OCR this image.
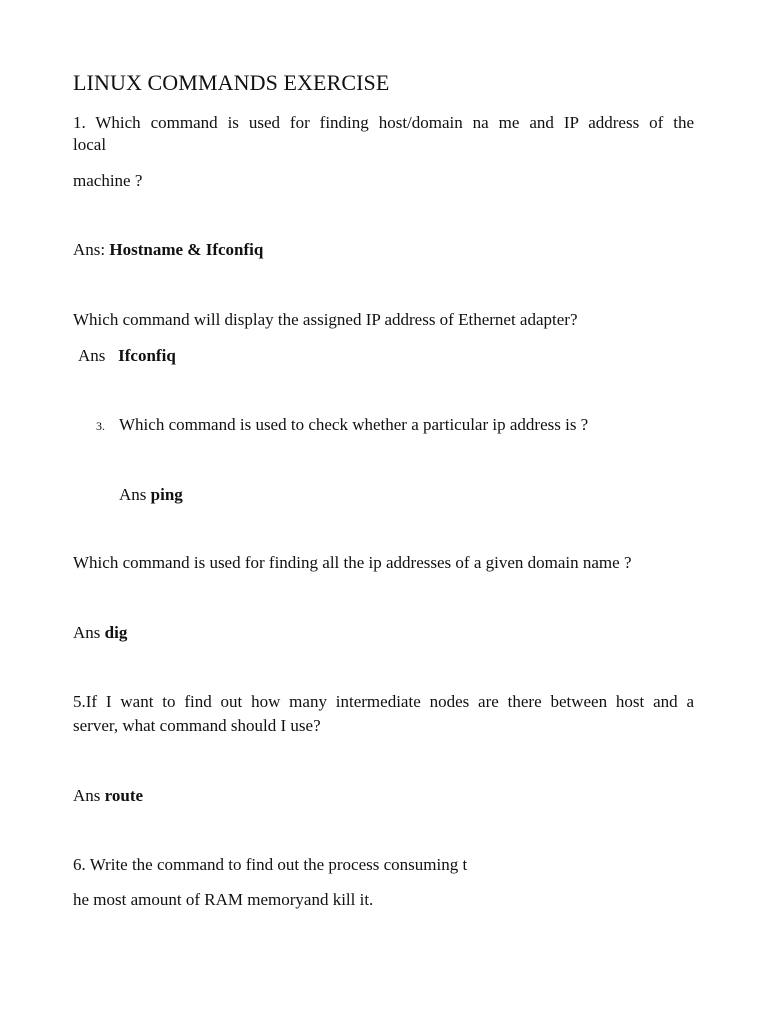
LINUX COMMANDS EXERCISE
1. Which command is used for finding host/domain na me and IP address of the
local
machine ?
Ans: Hostname & Ifconfiq
Which command will display the assigned IP address of Ethernet adapter?
Ans Ifconfiq
3. Which command is used to check whether a particular ip address is ?
Ans ping
Which command is used for finding all the ip addresses of a given domain name ?
Ans dig
5.If I want to find out how many intermediate nodes are there between host and a
server, what command should I use?
Ans route
6. Write the command to find out the process consuming t
he most amount of RAM memoryand kill it.
